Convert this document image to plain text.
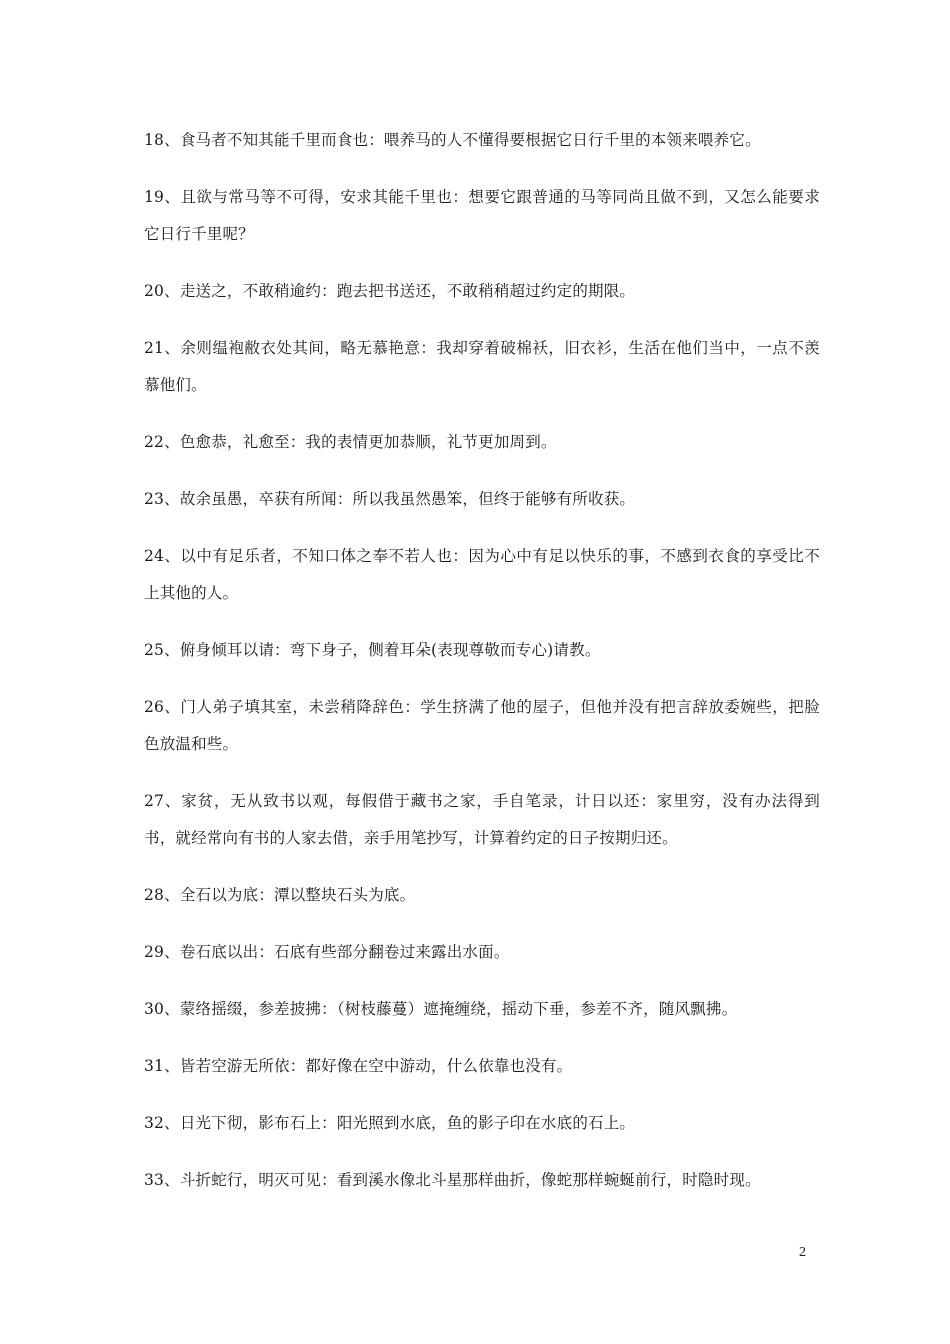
18、食马者不知其能千里而食也：喂养马的人不懂得要根据它日行千里的本领来喂养它。
19、且欲与常马等不可得，安求其能千里也：想要它跟普通的马等同尚且做不到，又怎么能要求它日行千里呢？
20、走送之，不敢稍逾约：跑去把书送还，不敢稍稍超过约定的期限。
21、余则缊袍敝衣处其间，略无慕艳意：我却穿着破棉袄，旧衣衫，生活在他们当中，一点不羡慕他们。
22、色愈恭，礼愈至：我的表情更加恭顺，礼节更加周到。
23、故余虽愚，卒获有所闻：所以我虽然愚笨，但终于能够有所收获。
24、以中有足乐者，不知口体之奉不若人也：因为心中有足以快乐的事，不感到衣食的享受比不上其他的人。
25、俯身倾耳以请：弯下身子，侧着耳朵(表现尊敬而专心)请教。
26、门人弟子填其室，未尝稍降辞色：学生挤满了他的屋子，但他并没有把言辞放委婉些，把脸色放温和些。
27、家贫，无从致书以观，每假借于藏书之家，手自笔录，计日以还：家里穷，没有办法得到书，就经常向有书的人家去借，亲手用笔抄写，计算着约定的日子按期归还。
28、全石以为底：潭以整块石头为底。
29、卷石底以出：石底有些部分翻卷过来露出水面。
30、蒙络摇缀，参差披拂：（树枝藤蔓）遮掩缠绕，摇动下垂，参差不齐，随风飘拂。
31、皆若空游无所依：都好像在空中游动，什么依靠也没有。
32、日光下彻，影布石上：阳光照到水底，鱼的影子印在水底的石上。
33、斗折蛇行，明灭可见：看到溪水像北斗星那样曲折，像蛇那样蜿蜒前行，时隐时现。
2
